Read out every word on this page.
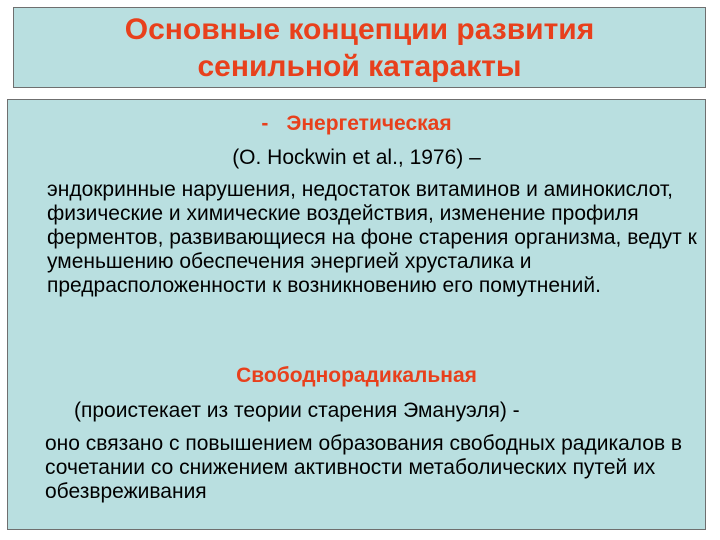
Основные концепции развития
сенильной катаракты
- Энергетическая
(O. Hockwin et al., 1976) –

эндокринные нарушения, недостаток витаминов и аминокислот, физические и химические воздействия, изменение профиля ферментов, развивающиеся на фоне старения организма, ведут к уменьшению обеспечения энергией хрусталика и предрасположенности к возникновению его помутнений.

Свободнорадикальная
(проистекает из теории старения Эмануэля) -

оно связано с повышением образования свободных радикалов в сочетании со снижением активности метаболических путей их обезвреживания
